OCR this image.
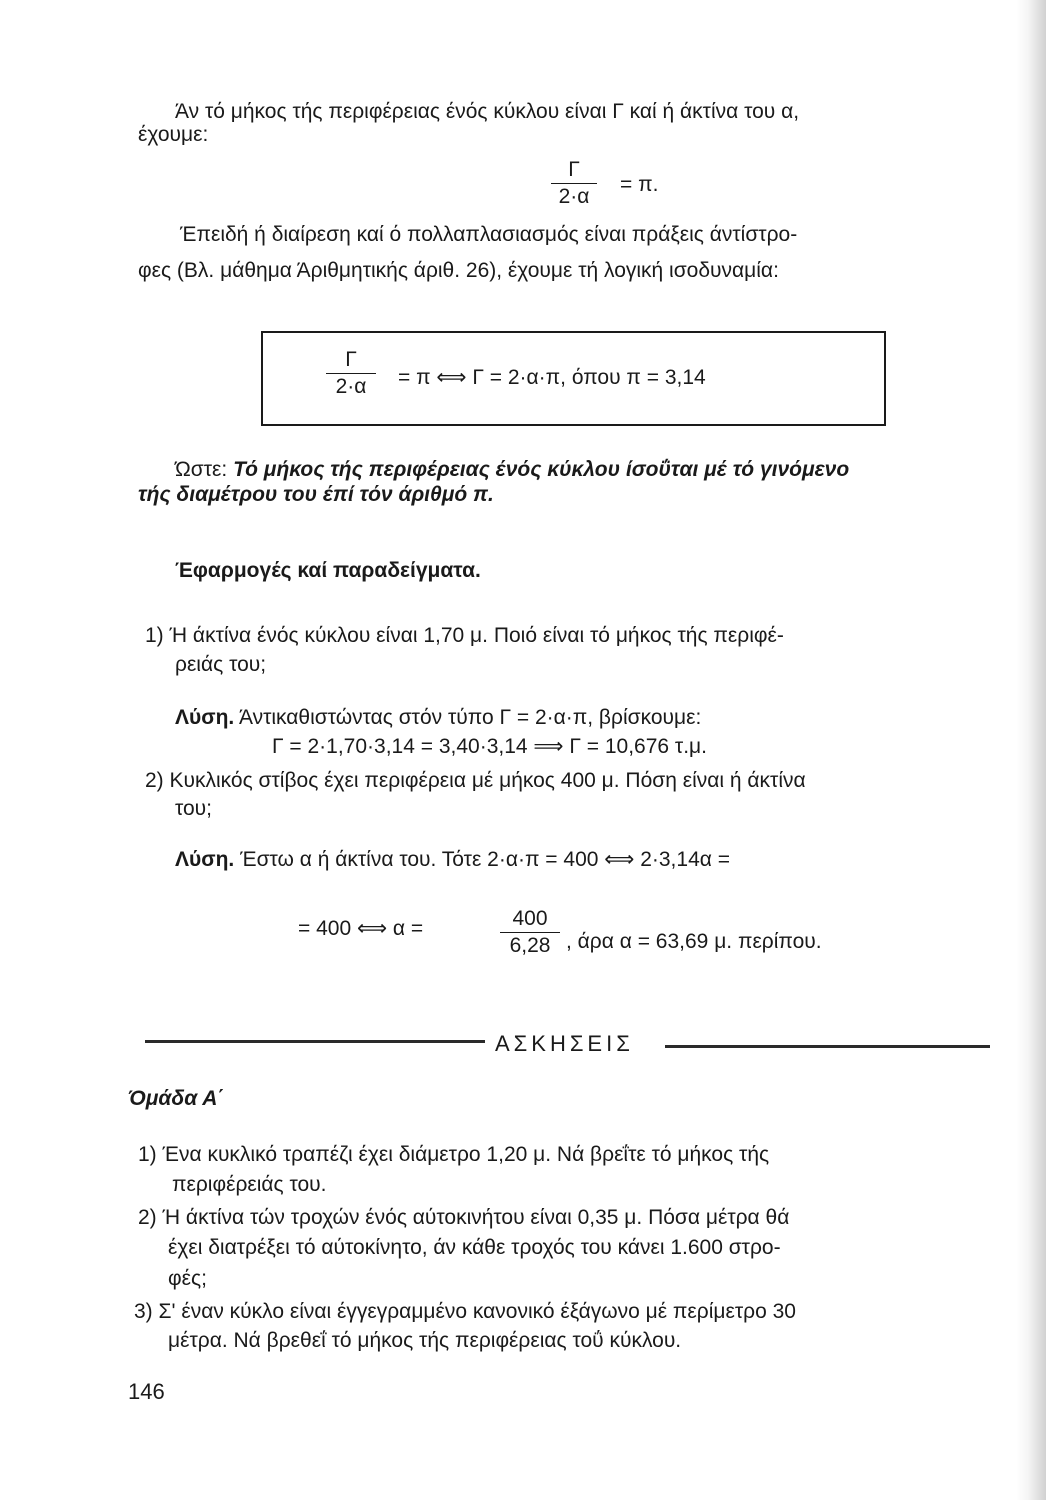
Άν τό μήκος τής περιφέρειας ένός κύκλου είναι Γ καί ή άκτίνα του α,
έχουμε:
$\frac{\Gamma}{2\cdot\alpha} = \pi$.
Έπειδή ή διαίρεση καί ό πολλαπλασιασμός είναι πράξεις άντίστρο-
φες (Βλ. μάθημα Άριθμητικής άριθ. 26), έχουμε τή λογική ισοδυναμία:
$\frac{\Gamma}{2\cdot\alpha} = \pi$ ⟺ Γ = 2·α·π, όπου π = 3,14
Ώστε: Τό μήκος τής περιφέρειας ένός κύκλου ίσοΰται μέ τό γινόμενο
τής διαμέτρου του έπί τόν άριθμό π.
Έφαρμογές καί παραδείγματα.
1) Ή άκτίνα ένός κύκλου είναι 1,70 μ. Ποιό είναι τό μήκος τής περιφέ-
ρειάς του;
Λύση. Άντικαθιστώντας στόν τύπο Γ = 2·α·π, βρίσκουμε:
Γ = 2·1,70·3,14 = 3,40·3,14 ⟹ Γ = 10,676 τ.μ.
2) Κυκλικός στίβος έχει περιφέρεια μέ μήκος 400 μ. Πόση είναι ή άκτίνα
του;
Λύση. Έστω α ή άκτίνα του. Τότε 2·α·π = 400 ⟺ 2·3,14α =
= 400 ⟺ α =	$\frac{400}{6,28}$ , άρα α = 63,69 μ. περίπου.
ΑΣΚΗΣΕΙΣ
Όμάδα Α΄
1) Ένα κυκλικό τραπέζι έχει διάμετρο 1,20 μ. Νά βρεΐτε τό μήκος τής
περιφέρειάς του.
2) Ή άκτίνα τών τροχών ένός αύτοκινήτου είναι 0,35 μ. Πόσα μέτρα θά
έχει διατρέξει τό αύτοκίνητο, άν κάθε τροχός του κάνει 1.600 στρο-
φές;
3) Σ' έναν κύκλο είναι έγγεγραμμένο κανονικό έξάγωνο μέ περίμετρο 30
μέτρα. Νά βρεθεΐ τό μήκος τής περιφέρειας τοΰ κύκλου.
146
